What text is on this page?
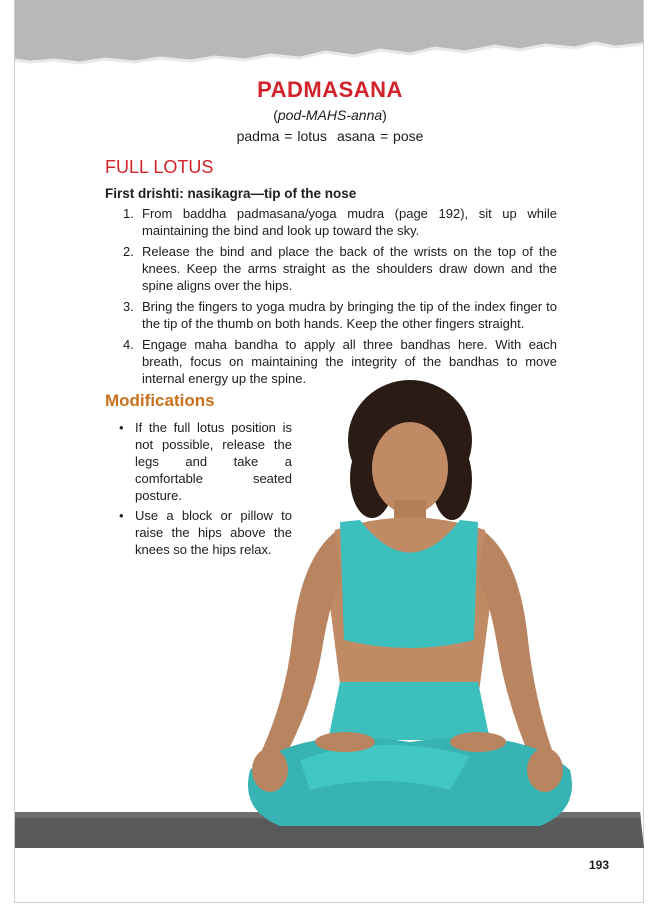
PADMASANA
(pod-MAHS-anna)
padma = lotus asana = pose
FULL LOTUS
First drishti: nasikagra—tip of the nose
1. From baddha padmasana/yoga mudra (page 192), sit up while maintaining the bind and look up toward the sky.
2. Release the bind and place the back of the wrists on the top of the knees. Keep the arms straight as the shoulders draw down and the spine aligns over the hips.
3. Bring the fingers to yoga mudra by bringing the tip of the index finger to the tip of the thumb on both hands. Keep the other fingers straight.
4. Engage maha bandha to apply all three bandhas here. With each breath, focus on maintaining the integrity of the bandhas to move internal energy up the spine.
Modifications
• If the full lotus position is not possible, release the legs and take a comfortable seated posture.
• Use a block or pillow to raise the hips above the knees so the hips relax.
193
